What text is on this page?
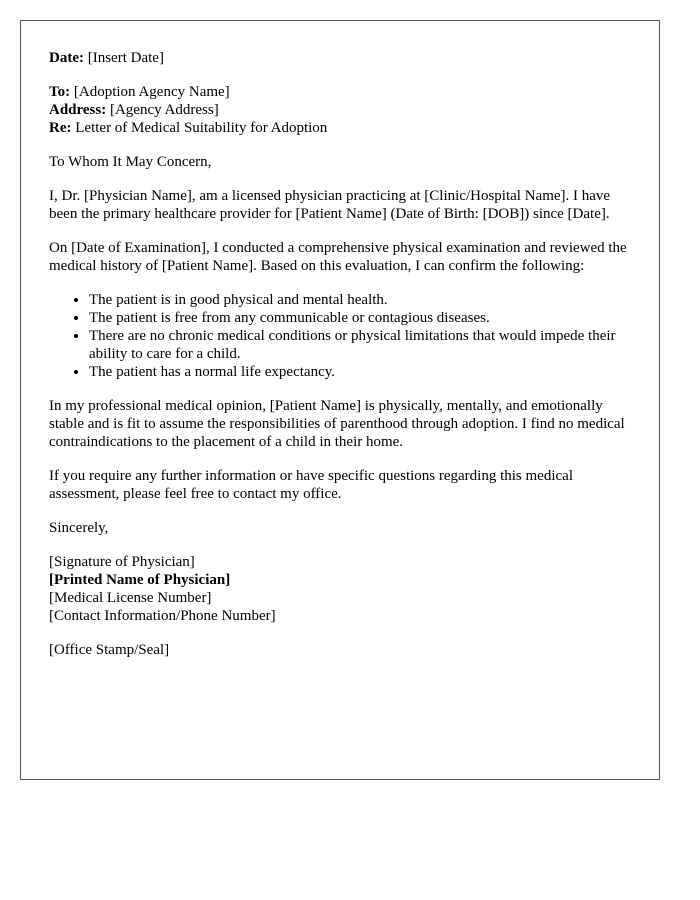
Date: [Insert Date]
To: [Adoption Agency Name]
Address: [Agency Address]
Re: Letter of Medical Suitability for Adoption

To Whom It May Concern,

I, Dr. [Physician Name], am a licensed physician practicing at [Clinic/Hospital Name]. I have been the primary healthcare provider for [Patient Name] (Date of Birth: [DOB]) since [Date].

On [Date of Examination], I conducted a comprehensive physical examination and reviewed the medical history of [Patient Name]. Based on this evaluation, I can confirm the following:

• The patient is in good physical and mental health.
• The patient is free from any communicable or contagious diseases.
• There are no chronic medical conditions or physical limitations that would impede their ability to care for a child.
• The patient has a normal life expectancy.

In my professional medical opinion, [Patient Name] is physically, mentally, and emotionally stable and is fit to assume the responsibilities of parenthood through adoption. I find no medical contraindications to the placement of a child in their home.

If you require any further information or have specific questions regarding this medical assessment, please feel free to contact my office.

Sincerely,

[Signature of Physician]
[Printed Name of Physician]
[Medical License Number]
[Contact Information/Phone Number]

[Office Stamp/Seal]
